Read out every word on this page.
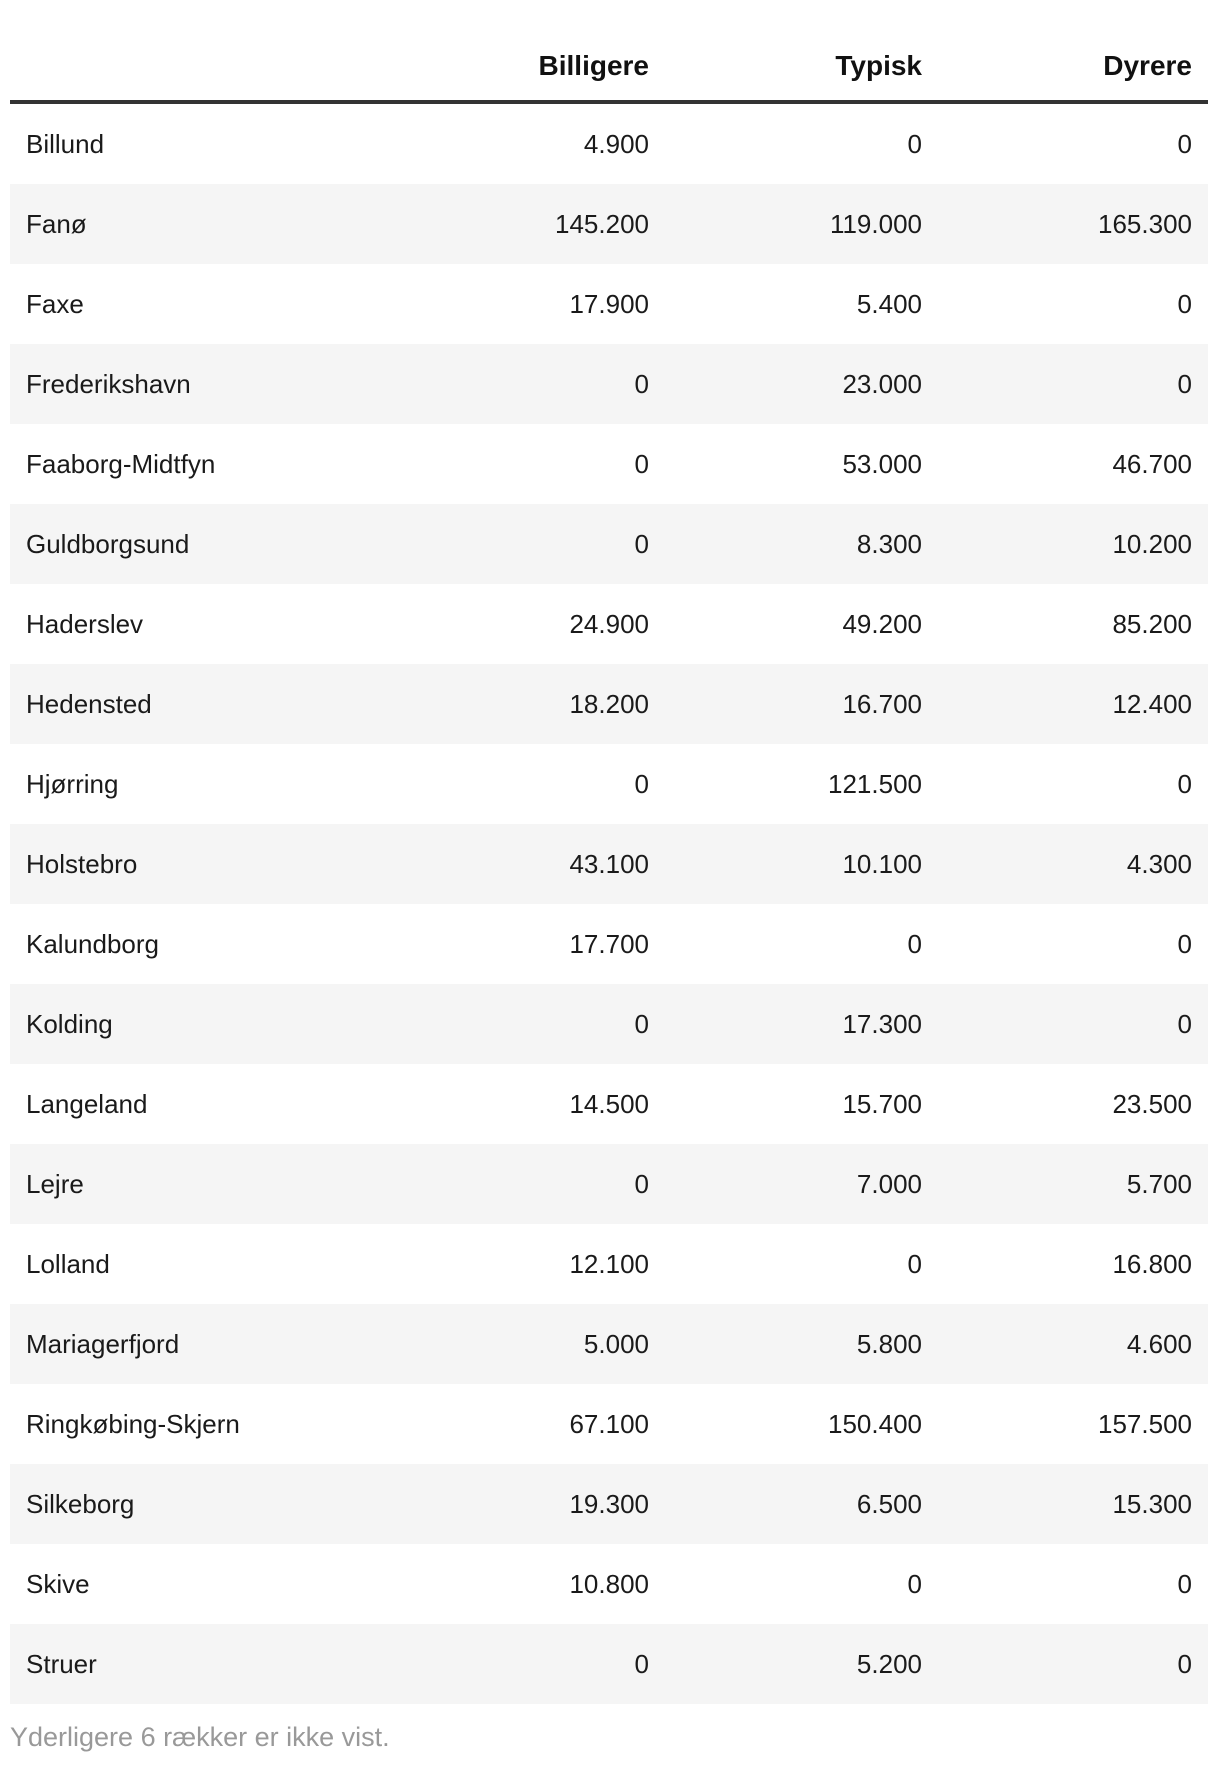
	Billigere	Typisk	Dyrere
Billund	4.900	0	0
Fanø	145.200	119.000	165.300
Faxe	17.900	5.400	0
Frederikshavn	0	23.000	0
Faaborg-Midtfyn	0	53.000	46.700
Guldborgsund	0	8.300	10.200
Haderslev	24.900	49.200	85.200
Hedensted	18.200	16.700	12.400
Hjørring	0	121.500	0
Holstebro	43.100	10.100	4.300
Kalundborg	17.700	0	0
Kolding	0	17.300	0
Langeland	14.500	15.700	23.500
Lejre	0	7.000	5.700
Lolland	12.100	0	16.800
Mariagerfjord	5.000	5.800	4.600
Ringkøbing-Skjern	67.100	150.400	157.500
Silkeborg	19.300	6.500	15.300
Skive	10.800	0	0
Struer	0	5.200	0
Yderligere 6 rækker er ikke vist.
